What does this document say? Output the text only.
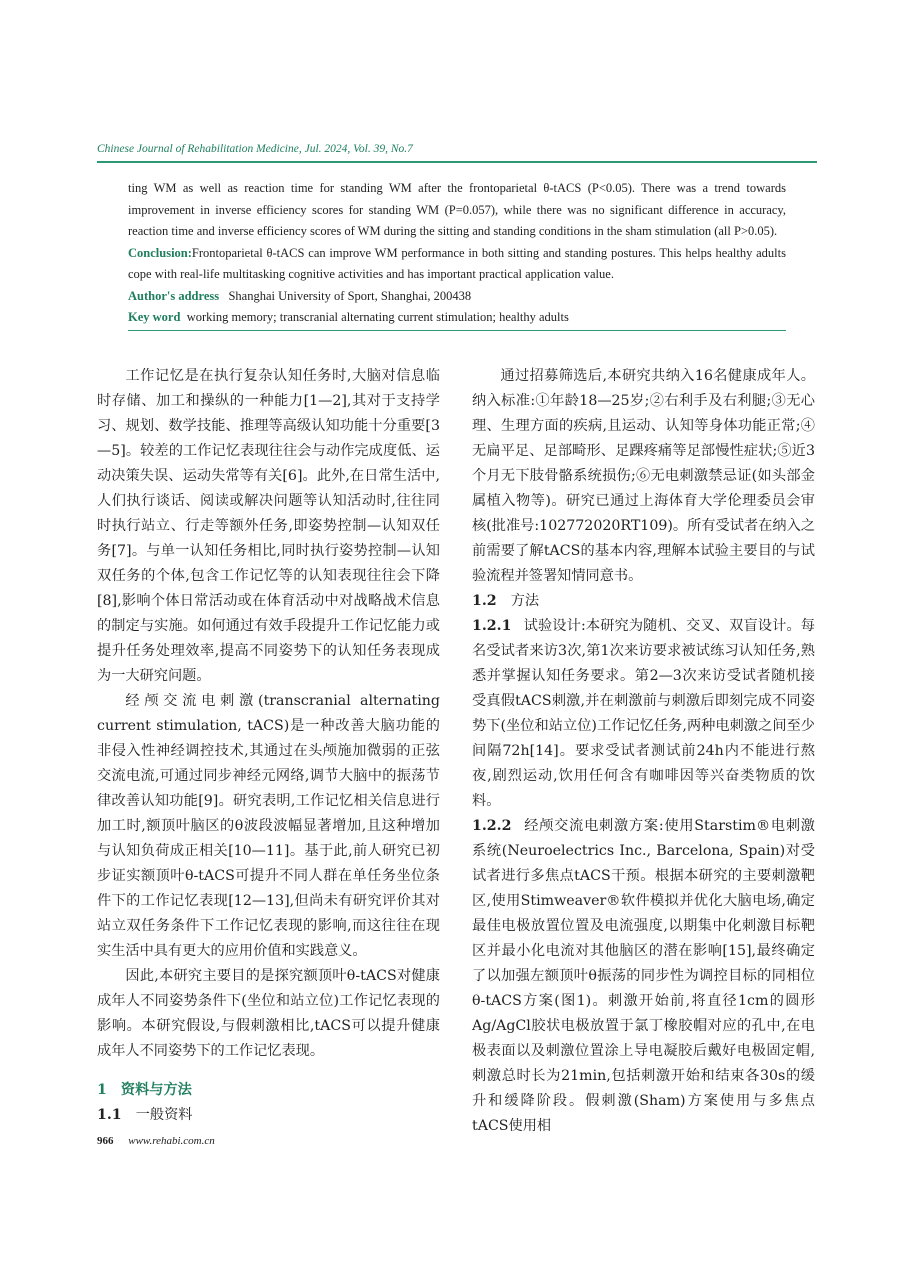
Chinese Journal of Rehabilitation Medicine, Jul. 2024, Vol. 39, No.7

ting WM as well as reaction time for standing WM after the frontoparietal θ-tACS (P<0.05). There was a trend towards improvement in inverse efficiency scores for standing WM (P=0.057), while there was no significant difference in accuracy, reaction time and inverse efficiency scores of WM during the sitting and standing conditions in the sham stimulation (all P>0.05).

Conclusion:Frontoparietal θ-tACS can improve WM performance in both sitting and standing postures. This helps healthy adults cope with real-life multitasking cognitive activities and has important practical application value.

Author's address Shanghai University of Sport, Shanghai, 200438

Key word working memory; transcranial alternating current stimulation; healthy adults

工作记忆是在执行复杂认知任务时,大脑对信息临时存储、加工和操纵的一种能力[1—2],其对于支持学习、规划、数学技能、推理等高级认知功能十分重要[3—5]。较差的工作记忆表现往往会与动作完成度低、运动决策失误、运动失常等有关[6]。此外,在日常生活中,人们执行谈话、阅读或解决问题等认知活动时,往往同时执行站立、行走等额外任务,即姿势控制—认知双任务[7]。与单一认知任务相比,同时执行姿势控制—认知双任务的个体,包含工作记忆等的认知表现往往会下降[8],影响个体日常活动或在体育活动中对战略战术信息的制定与实施。如何通过有效手段提升工作记忆能力或提升任务处理效率,提高不同姿势下的认知任务表现成为一大研究问题。

经颅交流电刺激(transcranial alternating current stimulation, tACS)是一种改善大脑功能的非侵入性神经调控技术,其通过在头颅施加微弱的正弦交流电流,可通过同步神经元网络,调节大脑中的振荡节律改善认知功能[9]。研究表明,工作记忆相关信息进行加工时,额顶叶脑区的θ波段波幅显著增加,且这种增加与认知负荷成正相关[10—11]。基于此,前人研究已初步证实额顶叶θ-tACS可提升不同人群在单任务坐位条件下的工作记忆表现[12—13],但尚未有研究评价其对站立双任务条件下工作记忆表现的影响,而这往往在现实生活中具有更大的应用价值和实践意义。

因此,本研究主要目的是探究额顶叶θ-tACS对健康成年人不同姿势条件下(坐位和站立位)工作记忆表现的影响。本研究假设,与假刺激相比,tACS可以提升健康成年人不同姿势下的工作记忆表现。

1 资料与方法

1.1 一般资料

通过招募筛选后,本研究共纳入16名健康成年人。纳入标准:①年龄18—25岁;②右利手及右利腿;③无心理、生理方面的疾病,且运动、认知等身体功能正常;④无扁平足、足部畸形、足踝疼痛等足部慢性症状;⑤近3个月无下肢骨骼系统损伤;⑥无电刺激禁忌证(如头部金属植入物等)。研究已通过上海体育大学伦理委员会审核(批准号:102772020RT109)。所有受试者在纳入之前需要了解tACS的基本内容,理解本试验主要目的与试验流程并签署知情同意书。

1.2 方法

1.2.1 试验设计:本研究为随机、交叉、双盲设计。每名受试者来访3次,第1次来访要求被试练习认知任务,熟悉并掌握认知任务要求。第2—3次来访受试者随机接受真假tACS刺激,并在刺激前与刺激后即刻完成不同姿势下(坐位和站立位)工作记忆任务,两种电刺激之间至少间隔72h[14]。要求受试者测试前24h内不能进行熬夜,剧烈运动,饮用任何含有咖啡因等兴奋类物质的饮料。

1.2.2 经颅交流电刺激方案:使用Starstim®电刺激系统(Neuroelectrics Inc., Barcelona, Spain)对受试者进行多焦点tACS干预。根据本研究的主要刺激靶区,使用Stimweaver®软件模拟并优化大脑电场,确定最佳电极放置位置及电流强度,以期集中化刺激目标靶区并最小化电流对其他脑区的潜在影响[15],最终确定了以加强左额顶叶θ振荡的同步性为调控目标的同相位θ-tACS方案(图1)。刺激开始前,将直径1cm的圆形Ag/AgCl胶状电极放置于氯丁橡胶帽对应的孔中,在电极表面以及刺激位置涂上导电凝胶后戴好电极固定帽,刺激总时长为21min,包括刺激开始和结束各30s的缓升和缓降阶段。假刺激(Sham)方案使用与多焦点tACS使用相

966 www.rehabi.com.cn
